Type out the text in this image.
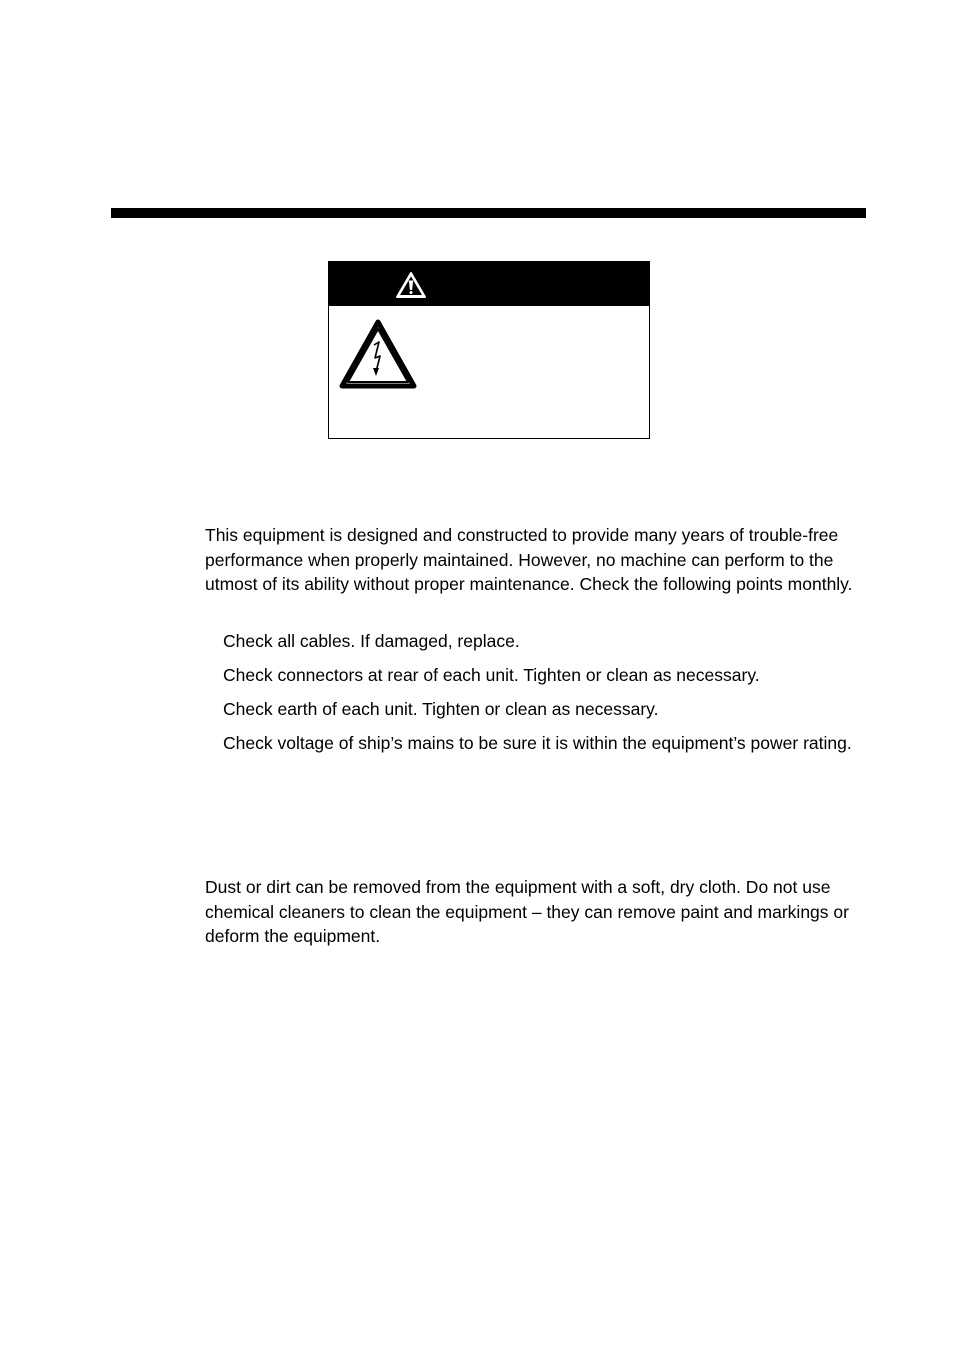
This equipment is designed and constructed to provide many years of trouble-free performance when properly maintained. However, no machine can perform to the utmost of its ability without proper maintenance. Check the following points monthly.

Check all cables. If damaged, replace.
Check connectors at rear of each unit. Tighten or clean as necessary.
Check earth of each unit. Tighten or clean as necessary.
Check voltage of ship’s mains to be sure it is within the equipment’s power rating.

Dust or dirt can be removed from the equipment with a soft, dry cloth. Do not use chemical cleaners to clean the equipment – they can remove paint and markings or deform the equipment.
